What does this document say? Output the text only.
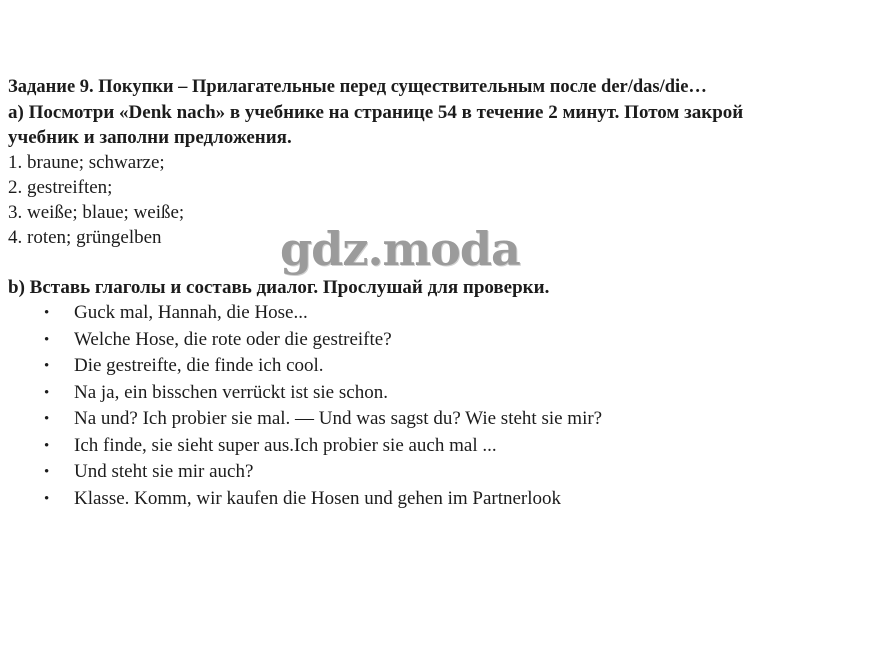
Задание 9. Покупки – Прилагательные перед существительным после der/das/die…
a) Посмотри «Denk nach» в учебнике на странице 54 в течение 2 минут. Потом закрой
учебник и заполни предложения.
1. braune; schwarze;
2. gestreiften;
3. weiße; blaue; weiße;
4. roten; grüngelben
b) Вставь глаголы и составь диалог. Прослушай для проверки.
• Guck mal, Hannah, die Hose...
• Welche Hose, die rote oder die gestreifte?
• Die gestreifte, die finde ich cool.
• Na ja, ein bisschen verrückt ist sie schon.
• Na und? Ich probier sie mal. — Und was sagst du? Wie steht sie mir?
• Ich finde, sie sieht super aus.Ich probier sie auch mal ...
• Und steht sie mir auch?
• Klasse. Komm, wir kaufen die Hosen und gehen im Partnerlook
gdz.moda
